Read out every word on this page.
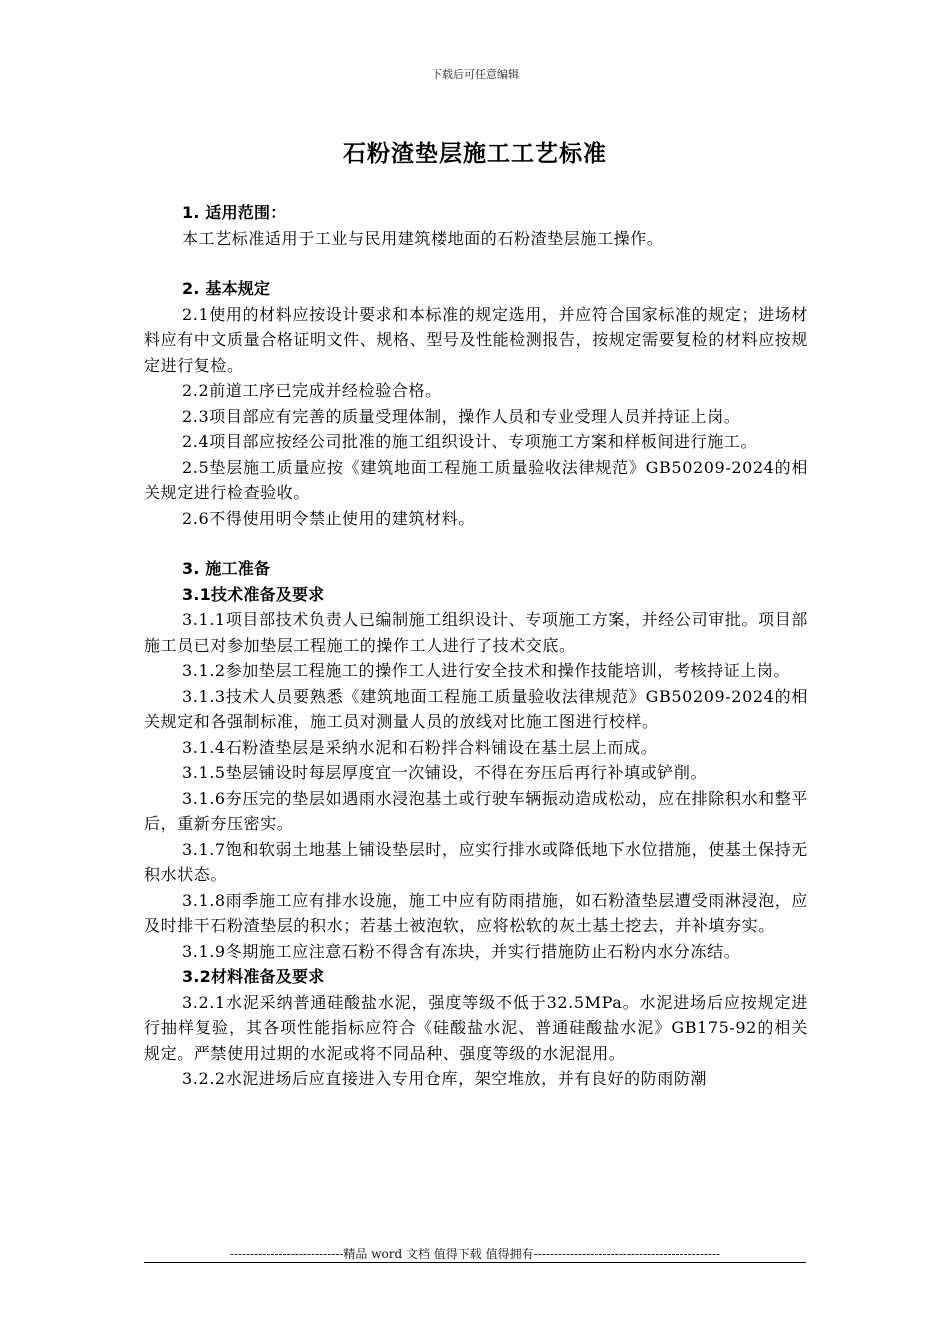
下载后可任意编辑
石粉渣垫层施工工艺标准
1. 适用范围：

本工艺标准适用于工业与民用建筑楼地面的石粉渣垫层施工操作。

2. 基本规定

2.1使用的材料应按设计要求和本标准的规定选用，并应符合国家标准的规定；进场材料应有中文质量合格证明文件、规格、型号及性能检测报告，按规定需要复检的材料应按规定进行复检。

2.2前道工序已完成并经检验合格。

2.3项目部应有完善的质量受理体制，操作人员和专业受理人员并持证上岗。

2.4项目部应按经公司批准的施工组织设计、专项施工方案和样板间进行施工。

2.5垫层施工质量应按《建筑地面工程施工质量验收法律规范》GB50209-2024的相关规定进行检查验收。

2.6不得使用明令禁止使用的建筑材料。

3. 施工准备
3.1技术准备及要求

3.1.1项目部技术负责人已编制施工组织设计、专项施工方案，并经公司审批。项目部施工员已对参加垫层工程施工的操作工人进行了技术交底。

3.1.2参加垫层工程施工的操作工人进行安全技术和操作技能培训，考核持证上岗。

3.1.3技术人员要熟悉《建筑地面工程施工质量验收法律规范》GB50209-2024的相关规定和各强制标准，施工员对测量人员的放线对比施工图进行校样。

3.1.4石粉渣垫层是采纳水泥和石粉拌合料铺设在基土层上而成。

3.1.5垫层铺设时每层厚度宜一次铺设，不得在夯压后再行补填或铲削。

3.1.6夯压完的垫层如遇雨水浸泡基土或行驶车辆振动造成松动，应在排除积水和整平后，重新夯压密实。

3.1.7饱和软弱土地基上铺设垫层时，应实行排水或降低地下水位措施，使基土保持无积水状态。

3.1.8雨季施工应有排水设施，施工中应有防雨措施，如石粉渣垫层遭受雨淋浸泡，应及时排干石粉渣垫层的积水；若基土被泡软，应将松软的灰土基土挖去，并补填夯实。

3.1.9冬期施工应注意石粉不得含有冻块，并实行措施防止石粉内水分冻结。

3.2材料准备及要求

3.2.1水泥采纳普通硅酸盐水泥，强度等级不低于32.5MPa。水泥进场后应按规定进行抽样复验，其各项性能指标应符合《硅酸盐水泥、普通硅酸盐水泥》GB175-92的相关规定。严禁使用过期的水泥或将不同品种、强度等级的水泥混用。

3.2.2水泥进场后应直接进入专用仓库，架空堆放，并有良好的防雨防潮

----------------------------精品 word 文档 值得下载 值得拥有----------------------------------------------
